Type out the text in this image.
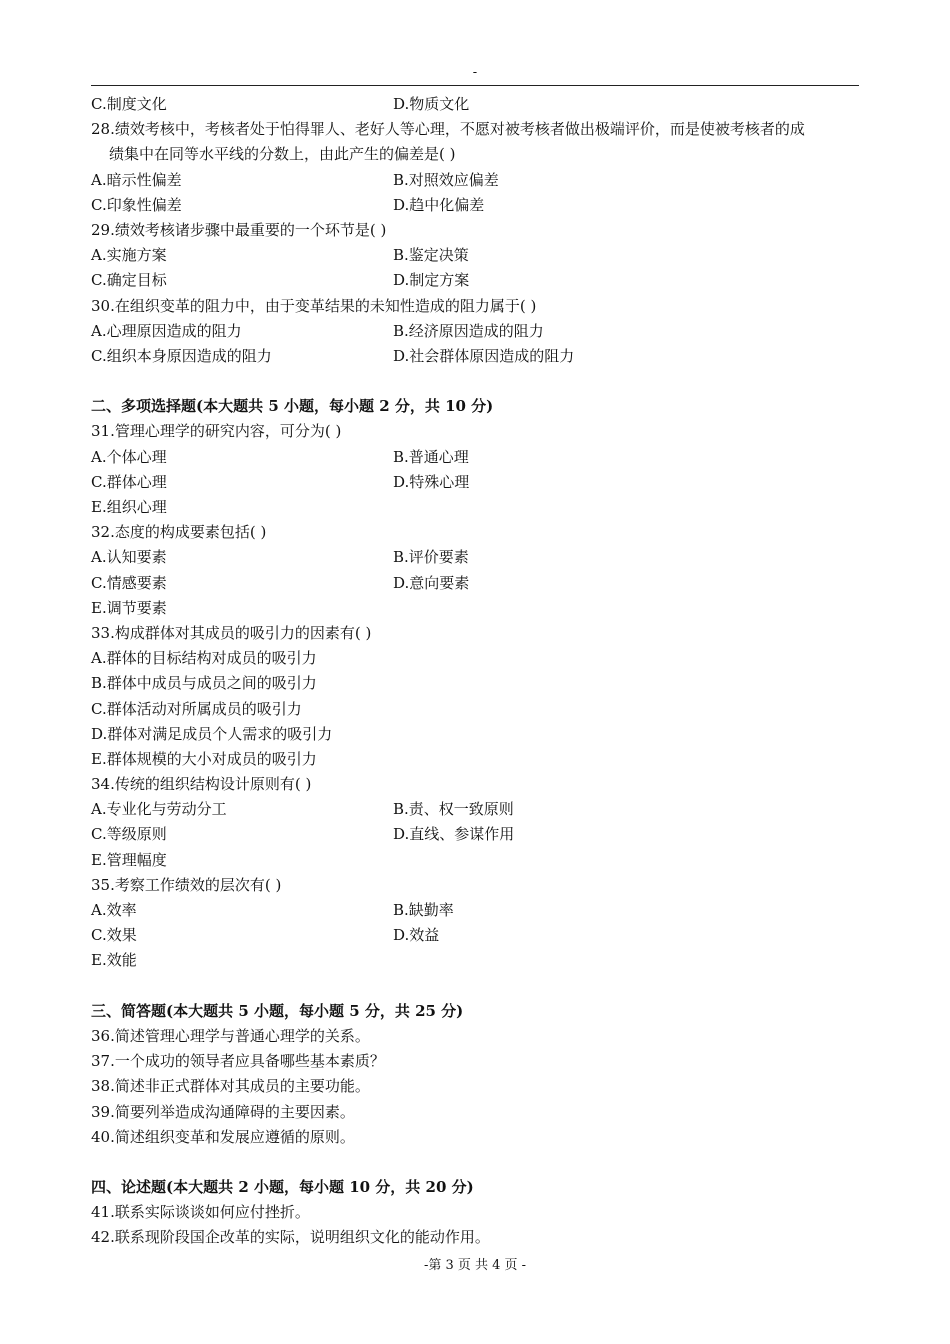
-
C.制度文化	D.物质文化
28.绩效考核中，考核者处于怕得罪人、老好人等心理，不愿对被考核者做出极端评价，而是使被考核者的成
绩集中在同等水平线的分数上，由此产生的偏差是( )
A.暗示性偏差	B.对照效应偏差
C.印象性偏差	D.趋中化偏差
29.绩效考核诸步骤中最重要的一个环节是( )
A.实施方案	B.鉴定决策
C.确定目标	D.制定方案
30.在组织变革的阻力中，由于变革结果的未知性造成的阻力属于( )
A.心理原因造成的阻力	B.经济原因造成的阻力
C.组织本身原因造成的阻力	D.社会群体原因造成的阻力
二、多项选择题(本大题共 5 小题，每小题 2 分，共 10 分)
31.管理心理学的研究内容，可分为( )
A.个体心理	B.普通心理
C.群体心理	D.特殊心理
E.组织心理
32.态度的构成要素包括( )
A.认知要素	B.评价要素
C.情感要素	D.意向要素
E.调节要素
33.构成群体对其成员的吸引力的因素有( )
A.群体的目标结构对成员的吸引力
B.群体中成员与成员之间的吸引力
C.群体活动对所属成员的吸引力
D.群体对满足成员个人需求的吸引力
E.群体规模的大小对成员的吸引力
34.传统的组织结构设计原则有( )
A.专业化与劳动分工	B.责、权一致原则
C.等级原则	D.直线、参谋作用
E.管理幅度
35.考察工作绩效的层次有( )
A.效率	B.缺勤率
C.效果	D.效益
E.效能
三、简答题(本大题共 5 小题，每小题 5 分，共 25 分)
36.简述管理心理学与普通心理学的关系。
37.一个成功的领导者应具备哪些基本素质？
38.简述非正式群体对其成员的主要功能。
39.简要列举造成沟通障碍的主要因素。
40.简述组织变革和发展应遵循的原则。
四、论述题(本大题共 2 小题，每小题 10 分，共 20 分)
41.联系实际谈谈如何应付挫折。
42.联系现阶段国企改革的实际，说明组织文化的能动作用。
-第 3 页 共 4 页 -
